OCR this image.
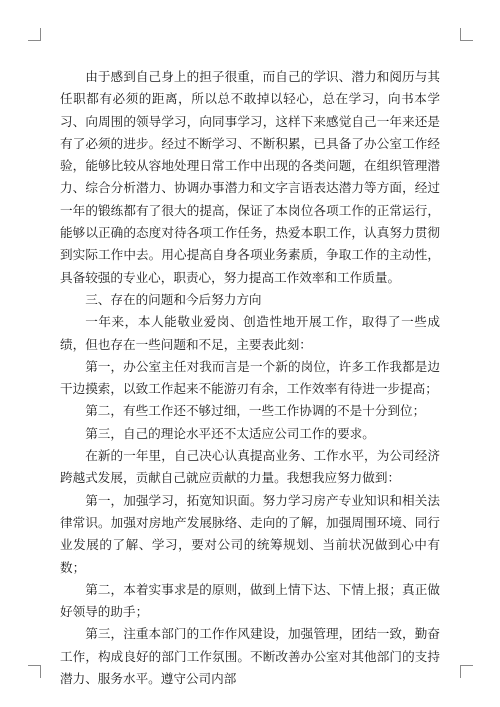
由于感到自己身上的担子很重，而自己的学识、潜力和阅历与其任职都有必须的距离，所以总不敢掉以轻心，总在学习，向书本学习、向周围的领导学习，向同事学习，这样下来感觉自己一年来还是有了必须的进步。经过不断学习、不断积累，已具备了办公室工作经验，能够比较从容地处理日常工作中出现的各类问题，在组织管理潜力、综合分析潜力、协调办事潜力和文字言语表达潜力等方面，经过一年的锻练都有了很大的提高，保证了本岗位各项工作的正常运行，能够以正确的态度对待各项工作任务，热爱本职工作，认真努力贯彻到实际工作中去。用心提高自身各项业务素质，争取工作的主动性，具备较强的专业心，职责心，努力提高工作效率和工作质量。

三、存在的问题和今后努力方向

一年来，本人能敬业爱岗、创造性地开展工作，取得了一些成绩，但也存在一些问题和不足，主要表此刻：

第一，办公室主任对我而言是一个新的岗位，许多工作我都是边干边摸索，以致工作起来不能游刃有余，工作效率有待进一步提高；

第二，有些工作还不够过细，一些工作协调的不是十分到位；

第三，自己的理论水平还不太适应公司工作的要求。

在新的一年里，自己决心认真提高业务、工作水平，为公司经济跨越式发展，贡献自己就应贡献的力量。我想我应努力做到：

第一，加强学习，拓宽知识面。努力学习房产专业知识和相关法律常识。加强对房地产发展脉络、走向的了解，加强周围环境、同行业发展的了解、学习，要对公司的统筹规划、当前状况做到心中有数；

第二，本着实事求是的原则，做到上情下达、下情上报；真正做好领导的助手；

第三，注重本部门的工作作风建设，加强管理，团结一致，勤奋工作，构成良好的部门工作氛围。不断改善办公室对其他部门的支持潜力、服务水平。遵守公司内部
